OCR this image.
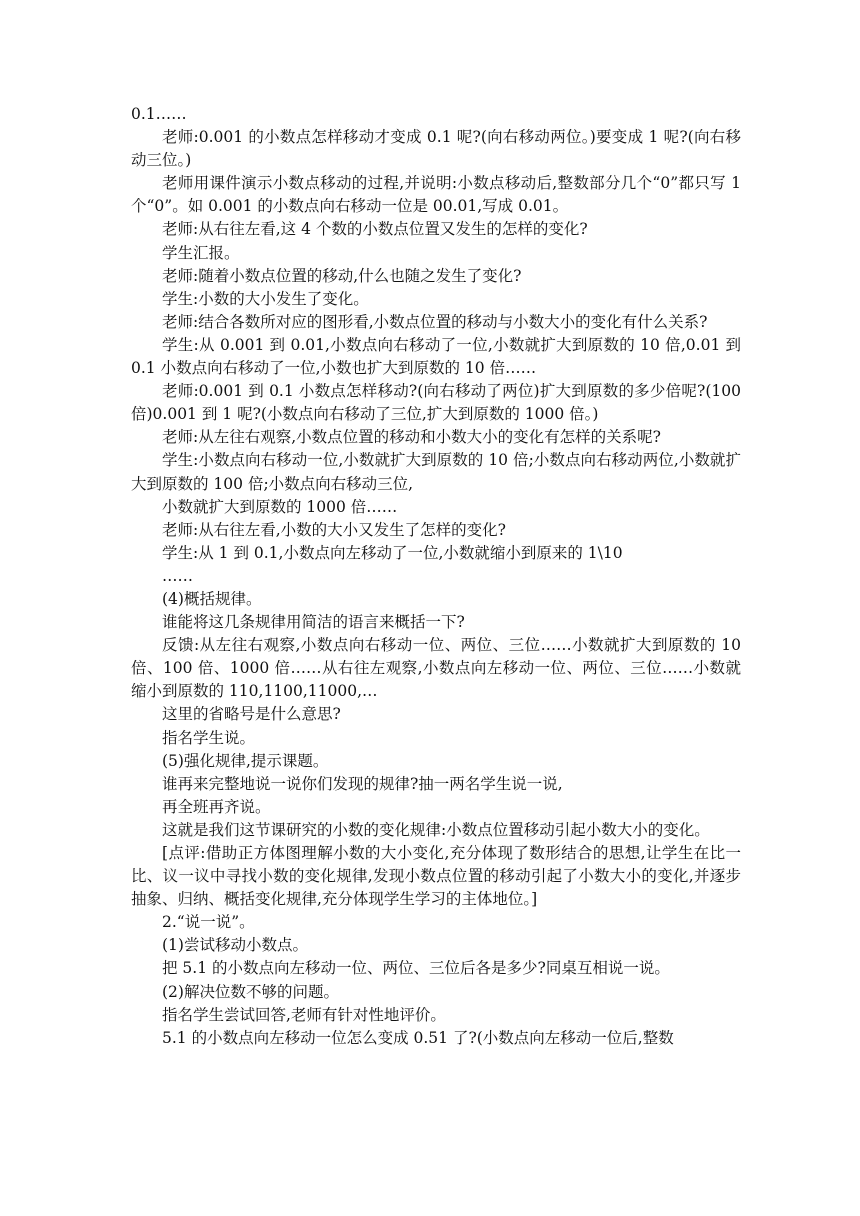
0.1……

老师:0.001 的小数点怎样移动才变成 0.1 呢?(向右移动两位。)要变成 1 呢?(向右移动三位。)

老师用课件演示小数点移动的过程,并说明:小数点移动后,整数部分几个“0”都只写 1 个“0”。如 0.001 的小数点向右移动一位是 00.01,写成 0.01。

老师:从右往左看,这 4 个数的小数点位置又发生的怎样的变化?

学生汇报。

老师:随着小数点位置的移动,什么也随之发生了变化?

学生:小数的大小发生了变化。

老师:结合各数所对应的图形看,小数点位置的移动与小数大小的变化有什么关系?

学生:从 0.001 到 0.01,小数点向右移动了一位,小数就扩大到原数的 10 倍,0.01 到 0.1 小数点向右移动了一位,小数也扩大到原数的 10 倍……

老师:0.001 到 0.1 小数点怎样移动?(向右移动了两位)扩大到原数的多少倍呢?(100 倍)0.001 到 1 呢?(小数点向右移动了三位,扩大到原数的 1000 倍。)

老师:从左往右观察,小数点位置的移动和小数大小的变化有怎样的关系呢?

学生:小数点向右移动一位,小数就扩大到原数的 10 倍;小数点向右移动两位,小数就扩大到原数的 100 倍;小数点向右移动三位,

小数就扩大到原数的 1000 倍……

老师:从右往左看,小数的大小又发生了怎样的变化?

学生:从 1 到 0.1,小数点向左移动了一位,小数就缩小到原来的 1\10

……

(4)概括规律。

谁能将这几条规律用简洁的语言来概括一下?

反馈:从左往右观察,小数点向右移动一位、两位、三位……小数就扩大到原数的 10 倍、100 倍、1000 倍……从右往左观察,小数点向左移动一位、两位、三位……小数就缩小到原数的 110,1100,11000,…

这里的省略号是什么意思?

指名学生说。

(5)强化规律,提示课题。

谁再来完整地说一说你们发现的规律?抽一两名学生说一说,

再全班再齐说。

这就是我们这节课研究的小数的变化规律:小数点位置移动引起小数大小的变化。

[点评:借助正方体图理解小数的大小变化,充分体现了数形结合的思想,让学生在比一比、议一议中寻找小数的变化规律,发现小数点位置的移动引起了小数大小的变化,并逐步抽象、归纳、概括变化规律,充分体现学生学习的主体地位。]

2.“说一说”。

(1)尝试移动小数点。

把 5.1 的小数点向左移动一位、两位、三位后各是多少?同桌互相说一说。

(2)解决位数不够的问题。

指名学生尝试回答,老师有针对性地评价。

5.1 的小数点向左移动一位怎么变成 0.51 了?(小数点向左移动一位后,整数
